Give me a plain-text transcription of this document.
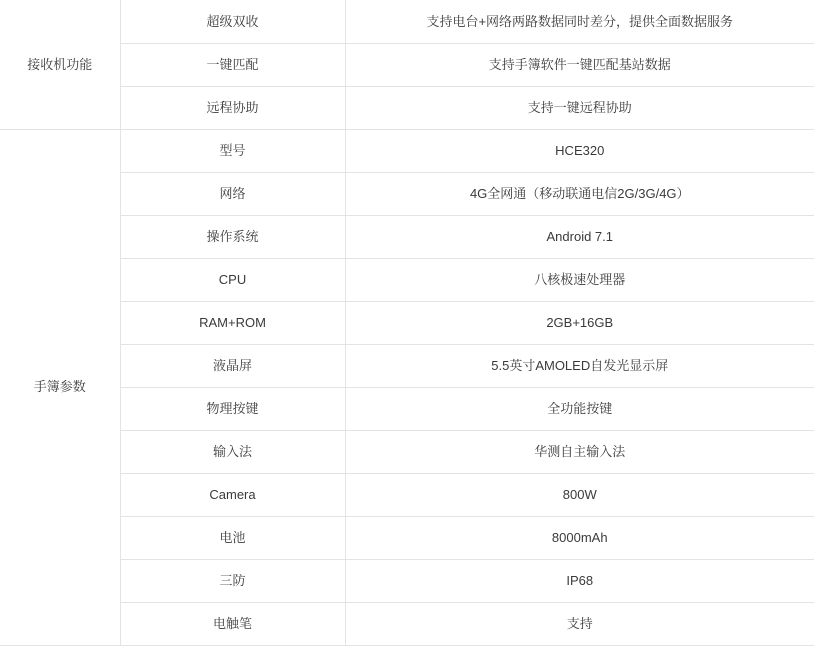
接收机功能	超级双收	支持电台+网络两路数据同时差分，提供全面数据服务
	一键匹配	支持手簿软件一键匹配基站数据
	远程协助	支持一键远程协助
手簿参数	型号	HCE320
	网络	4G全网通（移动联通电信2G/3G/4G）
	操作系统	Android 7.1
	CPU	八核极速处理器
	RAM+ROM	2GB+16GB
	液晶屏	5.5英寸AMOLED自发光显示屏
	物理按键	全功能按键
	输入法	华测自主输入法
	Camera	800W
	电池	8000mAh
	三防	IP68
	电触笔	支持
